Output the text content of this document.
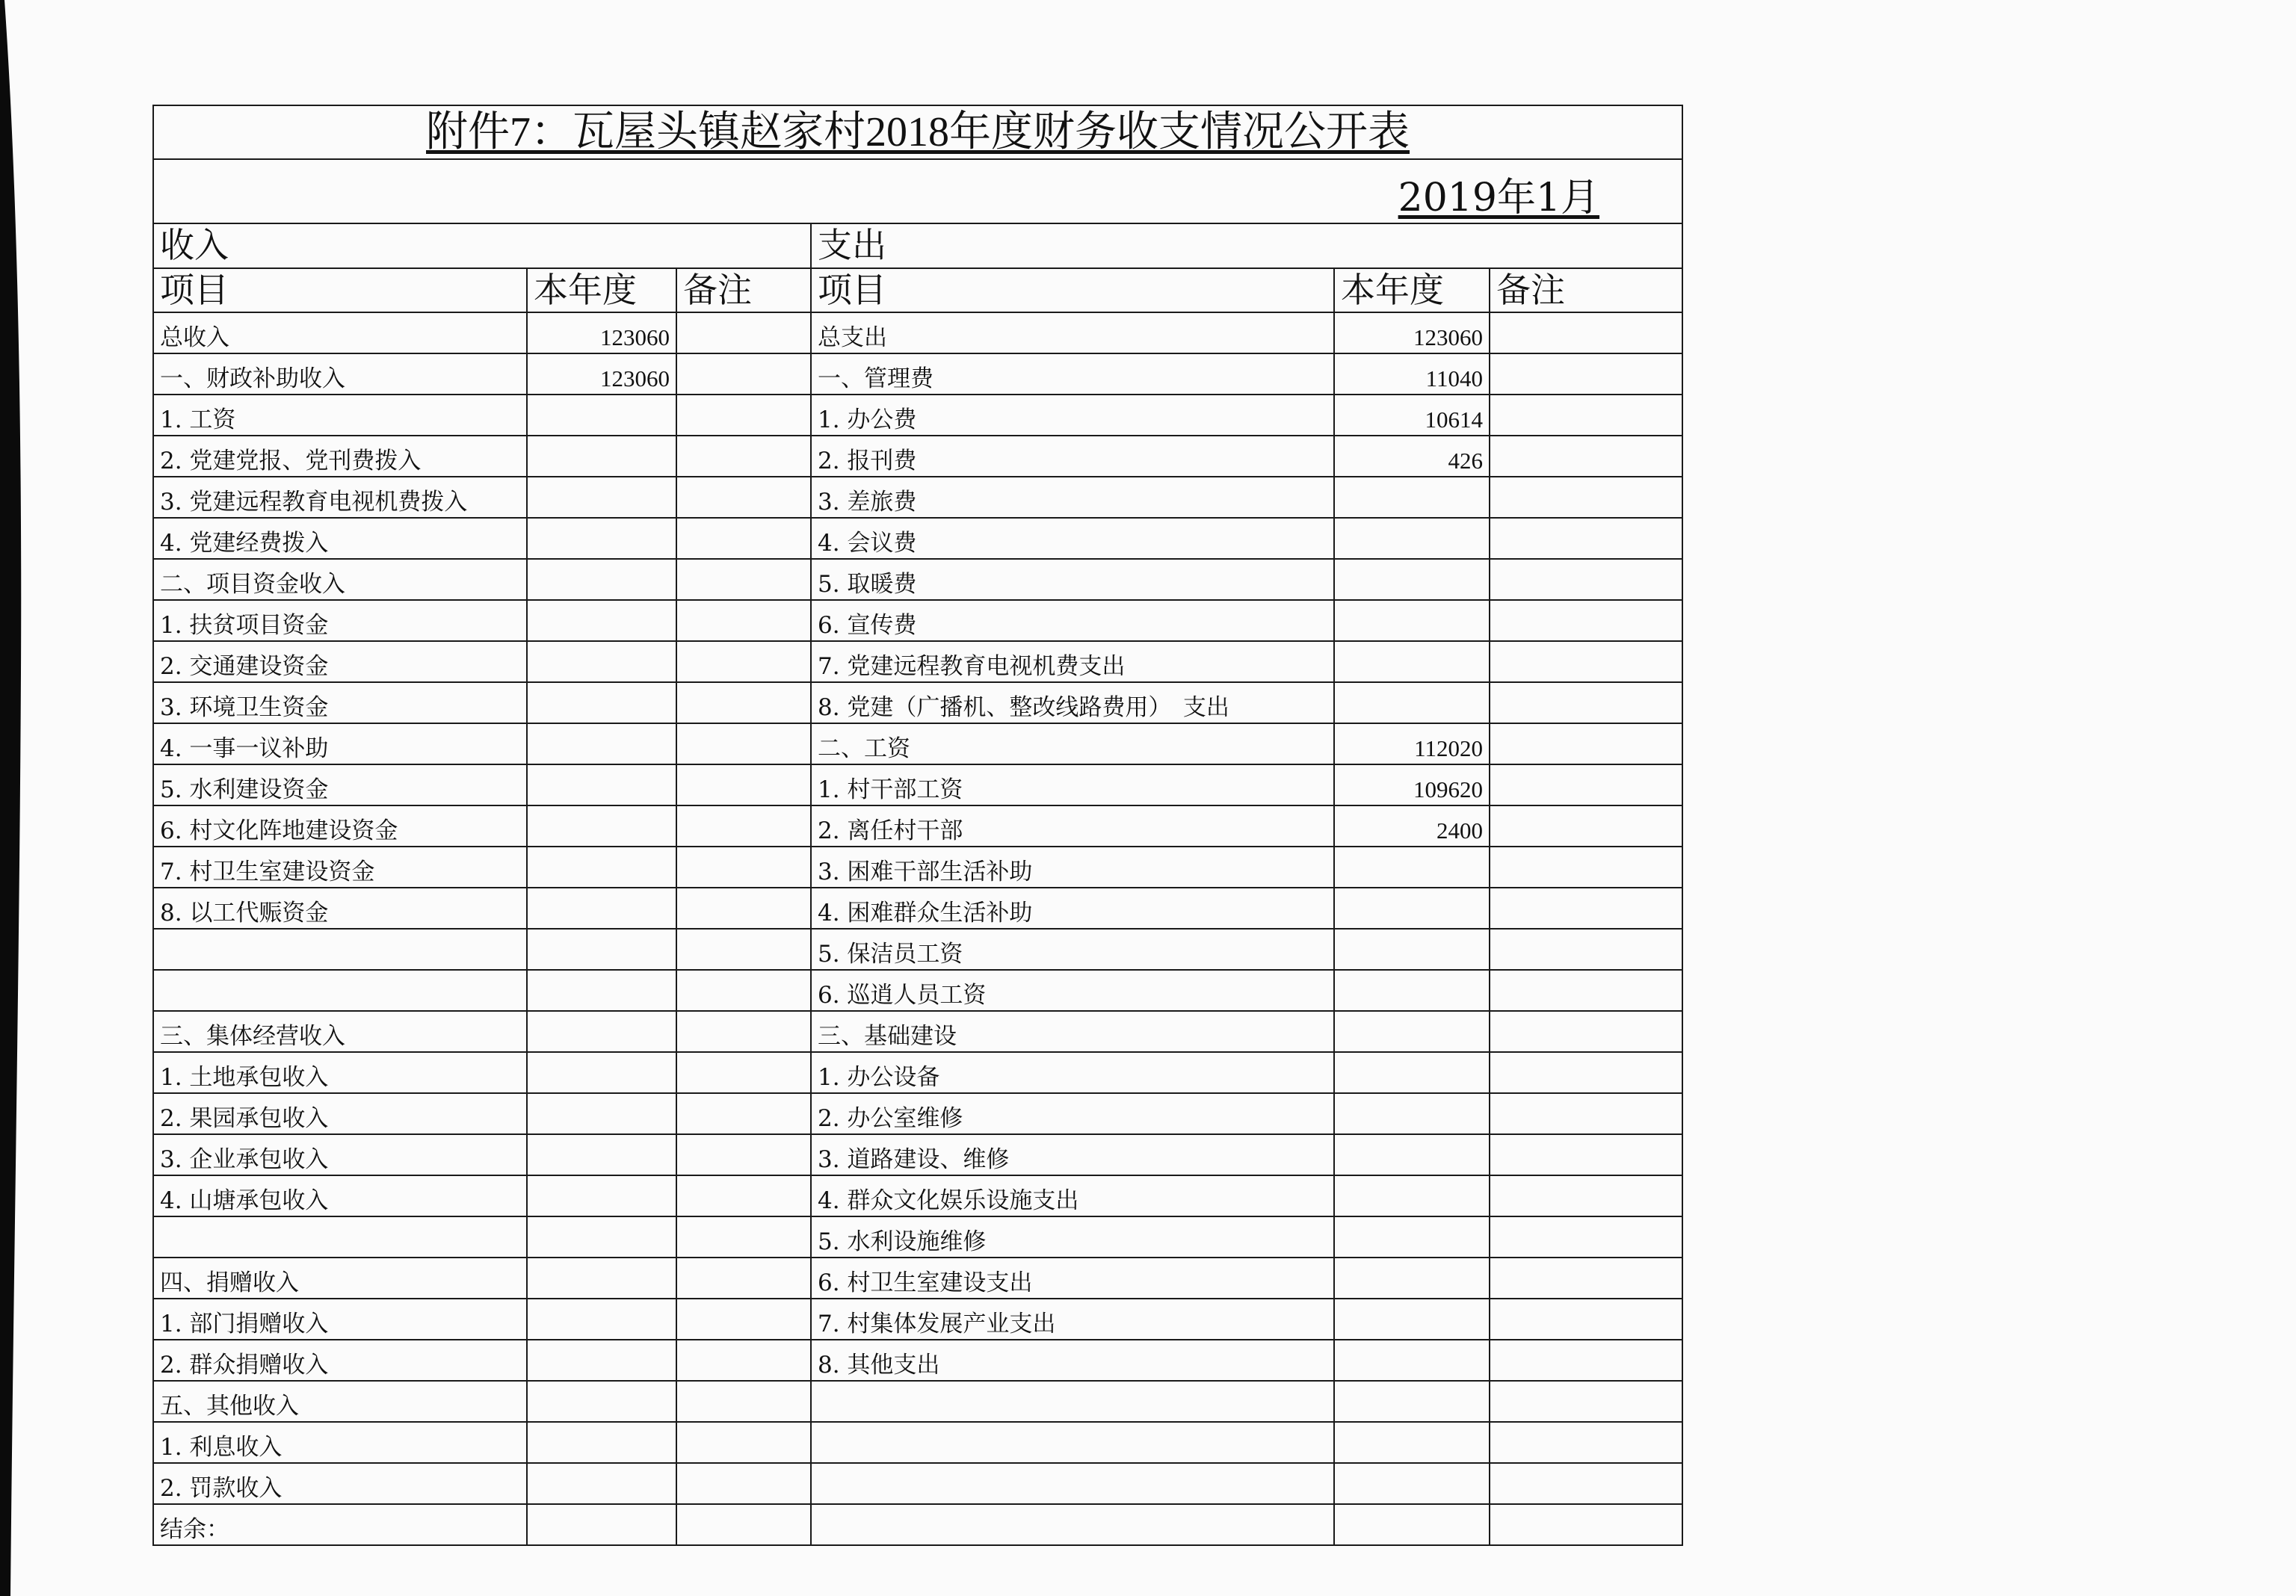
附件7：瓦屋头镇赵家村2018年度财务收支情况公开表					
2019年1月					
收入			支出		
项目	本年度	备注	项目	本年度	备注
总收入	123060		总支出	123060	
一、财政补助收入	123060		一、管理费	11040	
1. 工资			1. 办公费	10614	
2. 党建党报、党刊费拨入			2. 报刊费	426	
3. 党建远程教育电视机费拨入			3. 差旅费		
4. 党建经费拨入			4. 会议费		
二、项目资金收入			5. 取暖费		
1. 扶贫项目资金			6. 宣传费		
2. 交通建设资金			7. 党建远程教育电视机费支出		
3. 环境卫生资金			8. 党建（广播机、整改线路费用）　支出		
4. 一事一议补助			二、工资	112020	
5. 水利建设资金			1. 村干部工资	109620	
6. 村文化阵地建设资金			2. 离任村干部	2400	
7. 村卫生室建设资金			3. 困难干部生活补助		
8. 以工代赈资金			4. 困难群众生活补助		
			5. 保洁员工资		
			6. 巡逍人员工资		
三、集体经营收入			三、基础建设		
1. 土地承包收入			1. 办公设备		
2. 果园承包收入			2. 办公室维修		
3. 企业承包收入			3. 道路建设、维修		
4. 山塘承包收入			4. 群众文化娱乐设施支出		
			5. 水利设施维修		
四、捐赠收入			6. 村卫生室建设支出		
1. 部门捐赠收入			7. 村集体发展产业支出		
2. 群众捐赠收入			8. 其他支出		
五、其他收入					
1. 利息收入					
2. 罚款收入					
结余：					
